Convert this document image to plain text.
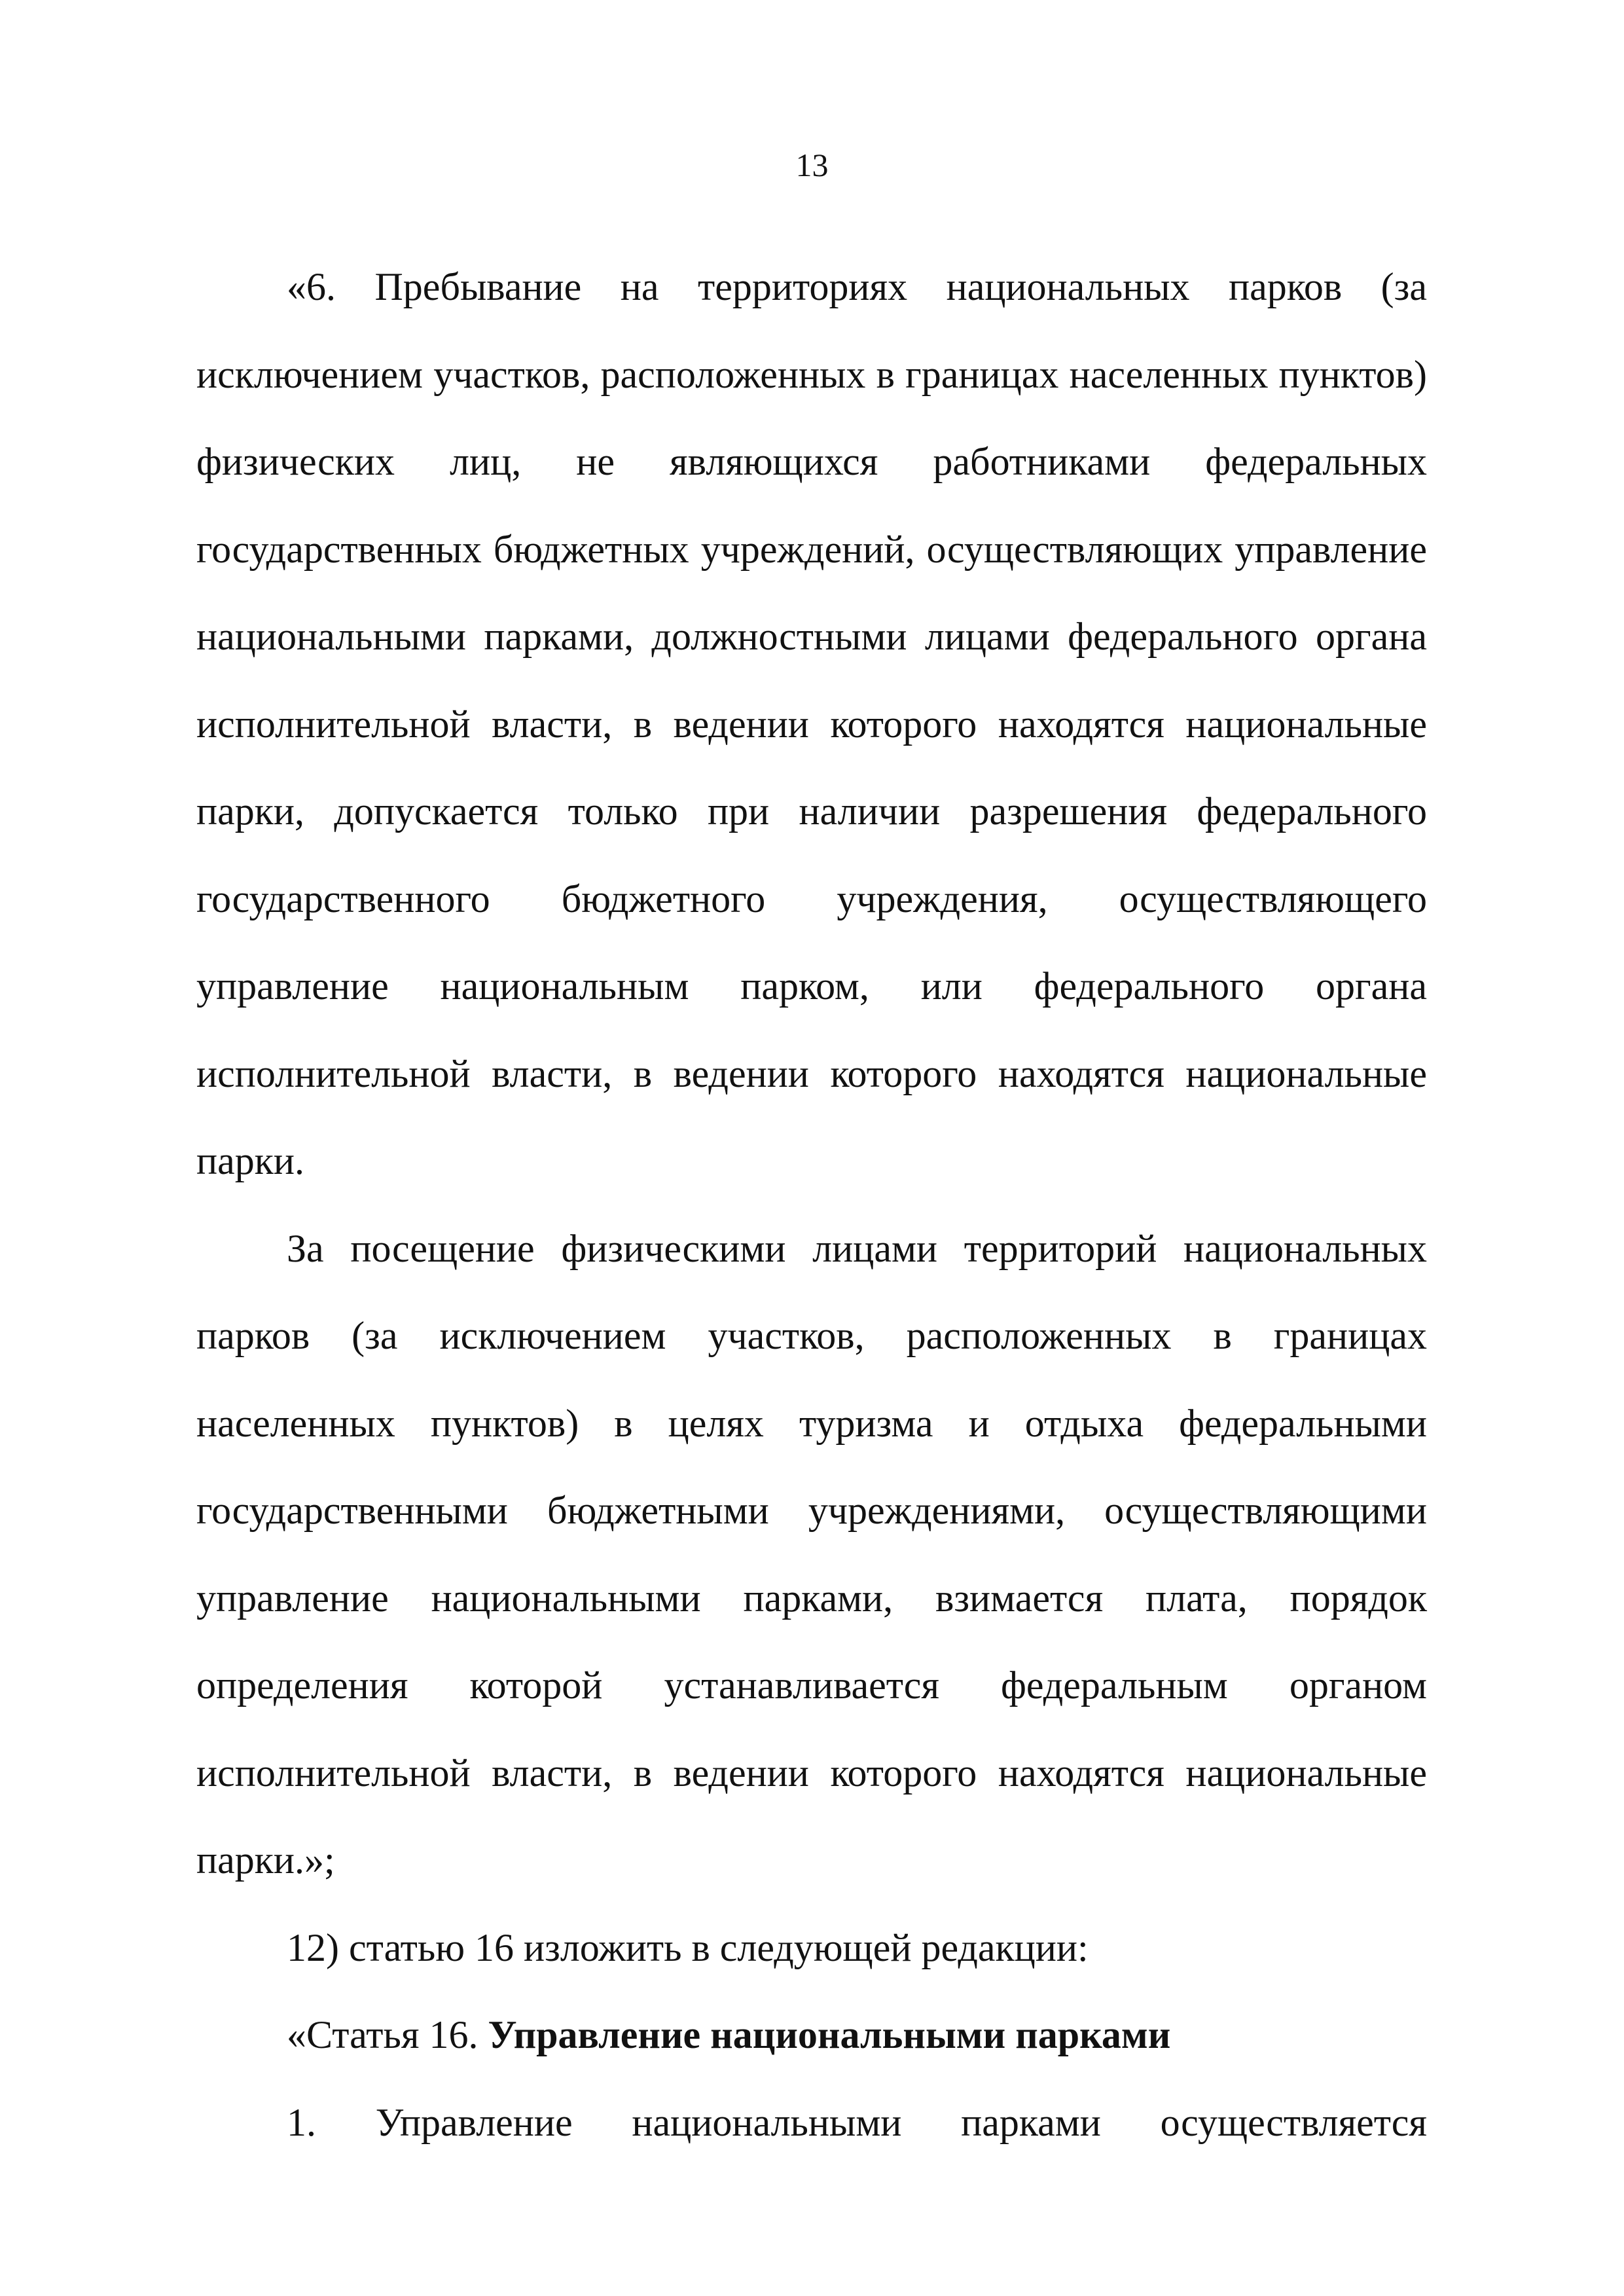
13

«6. Пребывание на территориях национальных парков (за исключением участков, расположенных в границах населенных пунктов) физических лиц, не являющихся работниками федеральных государственных бюджетных учреждений, осуществляющих управление национальными парками, должностными лицами федерального органа исполнительной власти, в ведении которого находятся национальные парки, допускается только при наличии разрешения федерального государственного бюджетного учреждения, осуществляющего управление национальным парком, или федерального органа исполнительной власти, в ведении которого находятся национальные парки.

За посещение физическими лицами территорий национальных парков (за исключением участков, расположенных в границах населенных пунктов) в целях туризма и отдыха федеральными государственными бюджетными учреждениями, осуществляющими управление национальными парками, взимается плата, порядок определения которой устанавливается федеральным органом исполнительной власти, в ведении которого находятся национальные парки.»;

12) статью 16 изложить в следующей редакции:

«Статья 16. Управление национальными парками

1. Управление национальными парками осуществляется
